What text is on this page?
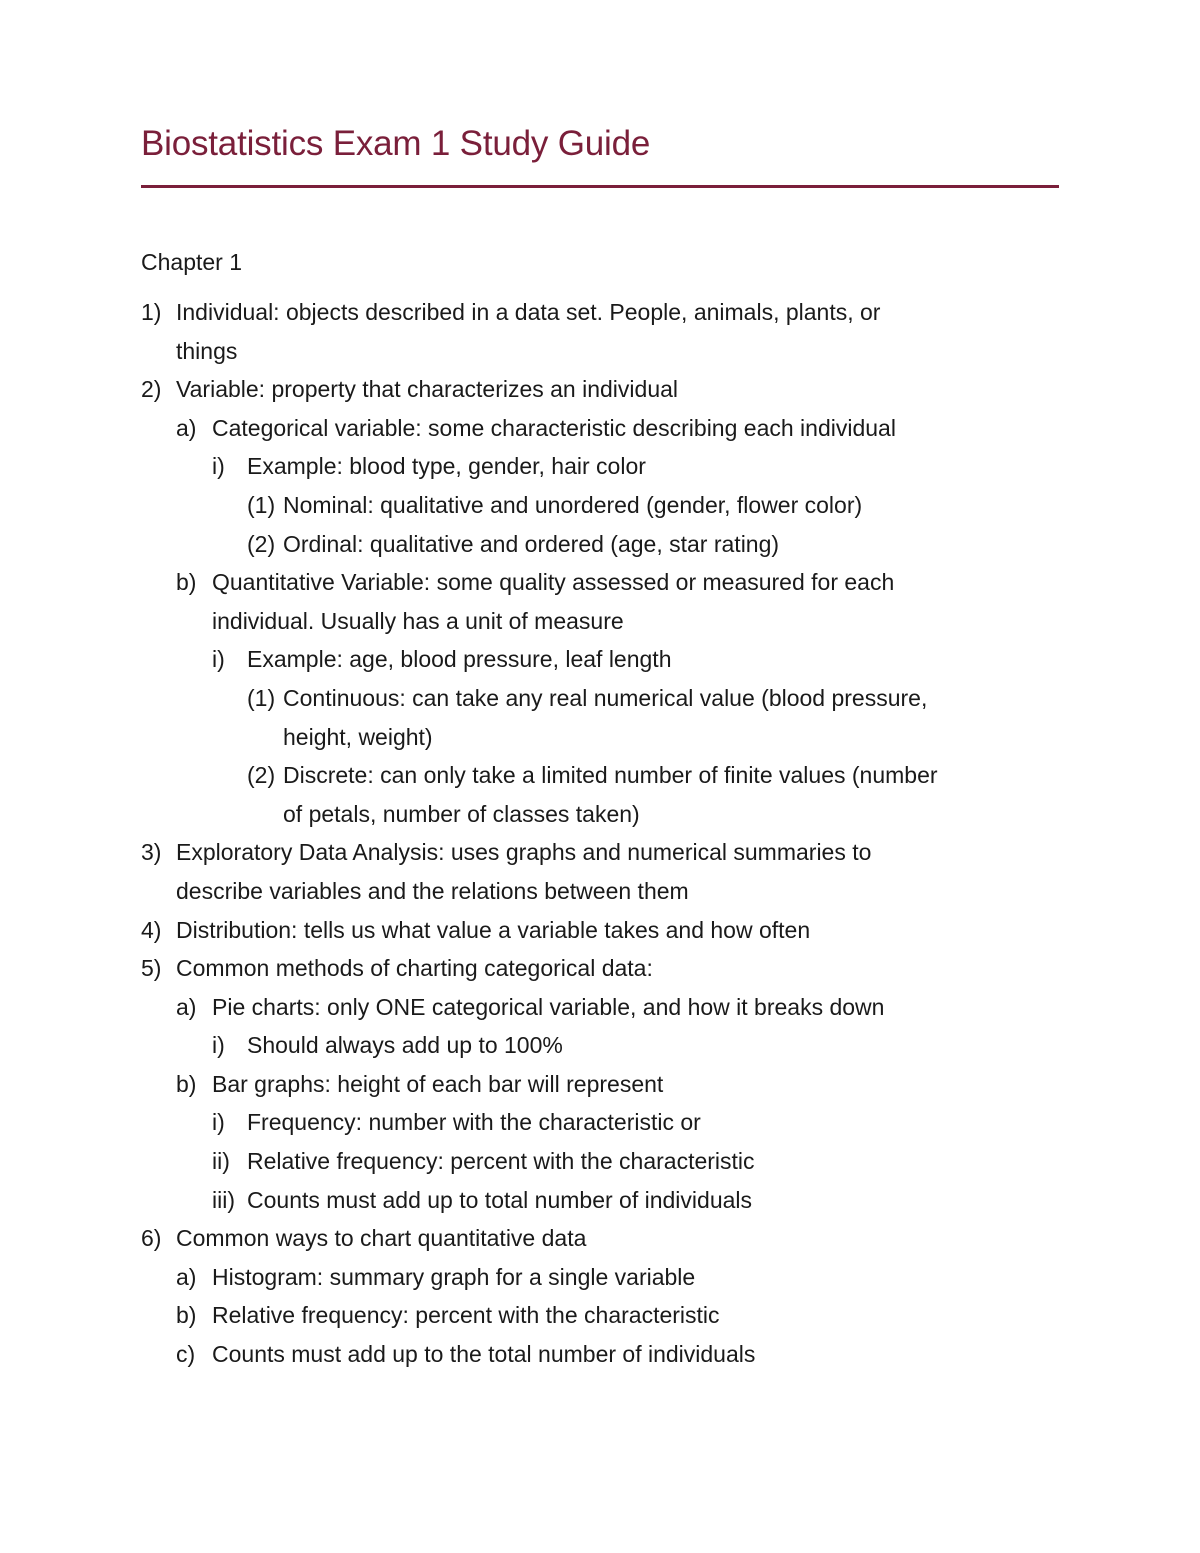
Biostatistics Exam 1 Study Guide
Chapter 1
1) Individual: objects described in a data set. People, animals, plants, or
things
2) Variable: property that characterizes an individual
a) Categorical variable: some characteristic describing each individual
i) Example: blood type, gender, hair color
(1) Nominal: qualitative and unordered (gender, flower color)
(2) Ordinal: qualitative and ordered (age, star rating)
b) Quantitative Variable: some quality assessed or measured for each
individual. Usually has a unit of measure
i) Example: age, blood pressure, leaf length
(1) Continuous: can take any real numerical value (blood pressure,
height, weight)
(2) Discrete: can only take a limited number of finite values (number
of petals, number of classes taken)
3) Exploratory Data Analysis: uses graphs and numerical summaries to
describe variables and the relations between them
4) Distribution: tells us what value a variable takes and how often
5) Common methods of charting categorical data:
a) Pie charts: only ONE categorical variable, and how it breaks down
i) Should always add up to 100%
b) Bar graphs: height of each bar will represent
i) Frequency: number with the characteristic or
ii) Relative frequency: percent with the characteristic
iii) Counts must add up to total number of individuals
6) Common ways to chart quantitative data
a) Histogram: summary graph for a single variable
b) Relative frequency: percent with the characteristic
c) Counts must add up to the total number of individuals
